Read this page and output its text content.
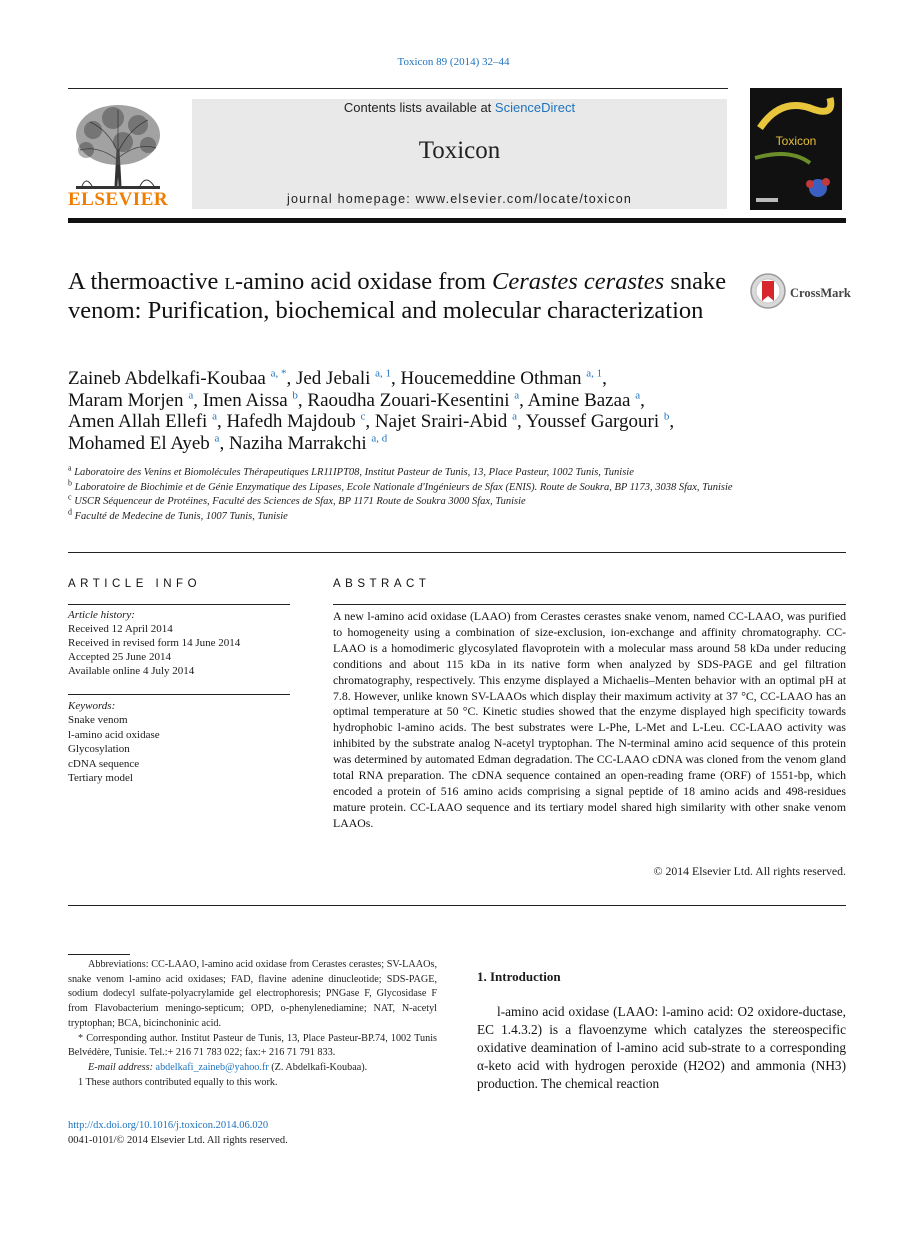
Toxicon 89 (2014) 32–44
Contents lists available at ScienceDirect
Toxicon
journal homepage: www.elsevier.com/locate/toxicon
ELSEVIER
Toxicon
A thermoactive l-amino acid oxidase from Cerastes cerastes snake venom: Purification, biochemical and molecular characterization
CrossMark
Zaineb Abdelkafi-Koubaa $^{a, *}$, Jed Jebali $^{a, 1}$, Houcemeddine Othman $^{a, 1}$,
Maram Morjen $^a$, Imen Aissa $^b$, Raoudha Zouari-Kesentini $^a$, Amine Bazaa $^a$,
Amen Allah Ellefi $^a$, Hafedh Majdoub $^c$, Najet Srairi-Abid $^a$, Youssef Gargouri $^b$,
Mohamed El Ayeb $^a$, Naziha Marrakchi $^{a, d}$
$^a$ Laboratoire des Venins et Biomolécules Thérapeutiques LR11IPT08, Institut Pasteur de Tunis, 13, Place Pasteur, 1002 Tunis, Tunisie
$^b$ Laboratoire de Biochimie et de Génie Enzymatique des Lipases, Ecole Nationale d'Ingénieurs de Sfax (ENIS). Route de Soukra, BP 1173, 3038 Sfax, Tunisie
$^c$ USCR Séquenceur de Protéines, Faculté des Sciences de Sfax, BP 1171 Route de Soukra 3000 Sfax, Tunisie
$^d$ Faculté de Medecine de Tunis, 1007 Tunis, Tunisie
ARTICLE INFO
Article history:
Received 12 April 2014
Received in revised form 14 June 2014
Accepted 25 June 2014
Available online 4 July 2014
Keywords:
Snake venom
l-amino acid oxidase
Glycosylation
cDNA sequence
Tertiary model
ABSTRACT
A new l-amino acid oxidase (LAAO) from Cerastes cerastes snake venom, named CC-LAAO, was purified to homogeneity using a combination of size-exclusion, ion-exchange and affinity chromatography. CC-LAAO is a homodimeric glycosylated flavoprotein with a molecular mass around 58 kDa under reducing conditions and about 115 kDa in its native form when analyzed by SDS-PAGE and gel filtration chromatography, respectively. This enzyme displayed a Michaelis–Menten behavior with an optimal pH at 7.8. However, unlike known SV-LAAOs which display their maximum activity at 37 °C, CC-LAAO has an optimal temperature at 50 °C. Kinetic studies showed that the enzyme displayed high specificity towards hydrophobic l-amino acids. The best substrates were L-Phe, L-Met and L-Leu. CC-LAAO activity was inhibited by the substrate analog N-acetyl tryptophan. The N-terminal amino acid sequence of this protein was determined by automated Edman degradation. The CC-LAAO cDNA was cloned from the venom gland total RNA preparation. The cDNA sequence contained an open-reading frame (ORF) of 1551-bp, which encoded a protein of 516 amino acids comprising a signal peptide of 18 amino acids and 498-residues mature protein. CC-LAAO sequence and its tertiary model shared high similarity with other snake venom LAAOs.
© 2014 Elsevier Ltd. All rights reserved.
Abbreviations: CC-LAAO, l-amino acid oxidase from Cerastes cerastes; SV-LAAOs, snake venom l-amino acid oxidases; FAD, flavine adenine dinucleotide; SDS-PAGE, sodium dodecyl sulfate-polyacrylamide gel electrophoresis; PNGase F, Glycosidase F from Flavobacterium meningo-septicum; OPD, o-phenylenediamine; NAT, N-acetyl tryptophan; BCA, bicinchoninic acid.
* Corresponding author. Institut Pasteur de Tunis, 13, Place Pasteur-BP.74, 1002 Tunis Belvédère, Tunisie. Tel.:+ 216 71 783 022; fax:+ 216 71 791 833.
E-mail address: abdelkafi_zaineb@yahoo.fr (Z. Abdelkafi-Koubaa).
1 These authors contributed equally to this work.
http://dx.doi.org/10.1016/j.toxicon.2014.06.020
0041-0101/© 2014 Elsevier Ltd. All rights reserved.
1. Introduction
l-amino acid oxidase (LAAO: l-amino acid: O2 oxidore-ductase, EC 1.4.3.2) is a flavoenzyme which catalyzes the stereospecific oxidative deamination of l-amino acid sub-strate to a corresponding α-keto acid with hydrogen peroxide (H2O2) and ammonia (NH3) production. The chemical reaction
